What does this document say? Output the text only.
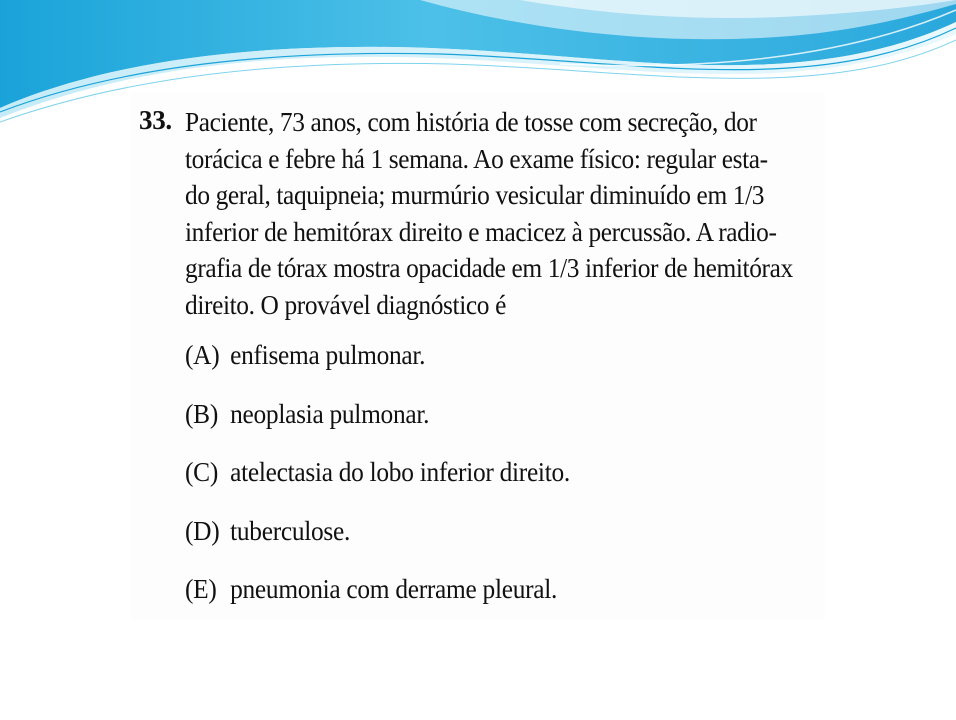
33. Paciente, 73 anos, com história de tosse com secreção, dor
torácica e febre há 1 semana. Ao exame físico: regular esta-
do geral, taquipneia; murmúrio vesicular diminuído em 1/3
inferior de hemitórax direito e macicez à percussão. A radio-
grafia de tórax mostra opacidade em 1/3 inferior de hemitórax
direito. O provável diagnóstico é

(A) enfisema pulmonar.
(B) neoplasia pulmonar.
(C) atelectasia do lobo inferior direito.
(D) tuberculose.
(E) pneumonia com derrame pleural.
